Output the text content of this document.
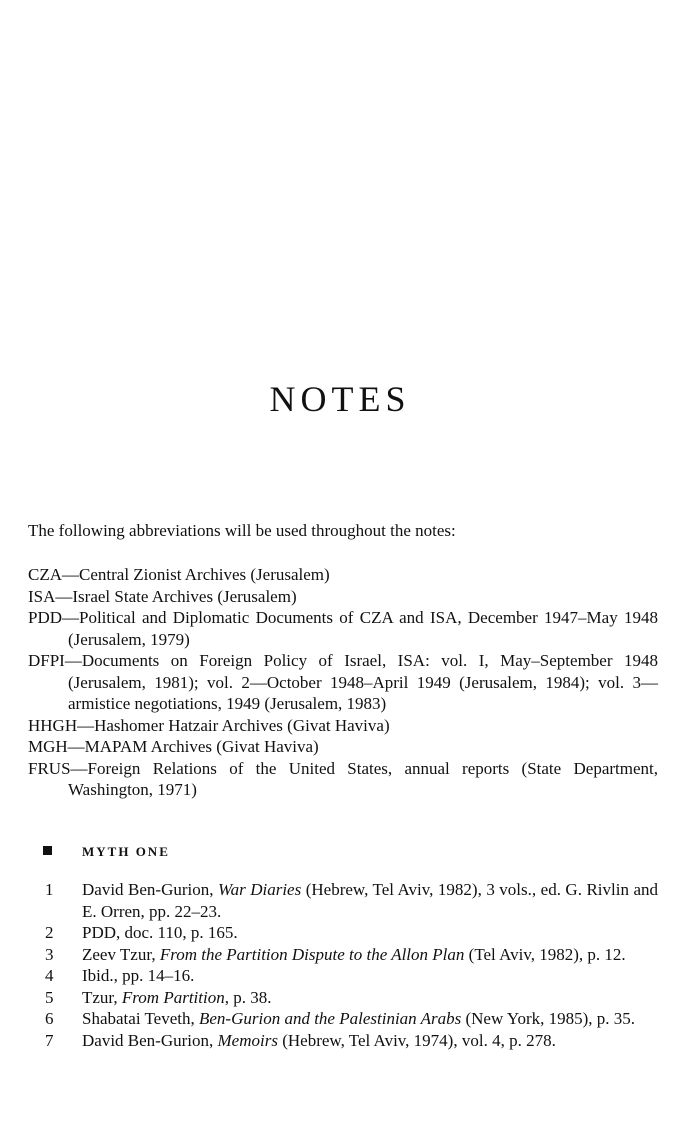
NOTES

The following abbreviations will be used throughout the notes:

CZA—Central Zionist Archives (Jerusalem)
ISA—Israel State Archives (Jerusalem)
PDD—Political and Diplomatic Documents of CZA and ISA, December 1947–May 1948 (Jerusalem, 1979)
DFPI—Documents on Foreign Policy of Israel, ISA: vol. I, May–September 1948 (Jerusalem, 1981); vol. 2—October 1948–April 1949 (Jerusalem, 1984); vol. 3—armistice negotiations, 1949 (Jerusalem, 1983)
HHGH—Hashomer Hatzair Archives (Givat Haviva)
MGH—MAPAM Archives (Givat Haviva)
FRUS—Foreign Relations of the United States, annual reports (State Department, Washington, 1971)
MYTH ONE
1	David Ben-Gurion, War Diaries (Hebrew, Tel Aviv, 1982), 3 vols., ed. G. Rivlin and E. Orren, pp. 22–23.
2	PDD, doc. 110, p. 165.
3	Zeev Tzur, From the Partition Dispute to the Allon Plan (Tel Aviv, 1982), p. 12.
4	Ibid., pp. 14–16.
5	Tzur, From Partition, p. 38.
6	Shabatai Teveth, Ben-Gurion and the Palestinian Arabs (New York, 1985), p. 35.
7	David Ben-Gurion, Memoirs (Hebrew, Tel Aviv, 1974), vol. 4, p. 278.
